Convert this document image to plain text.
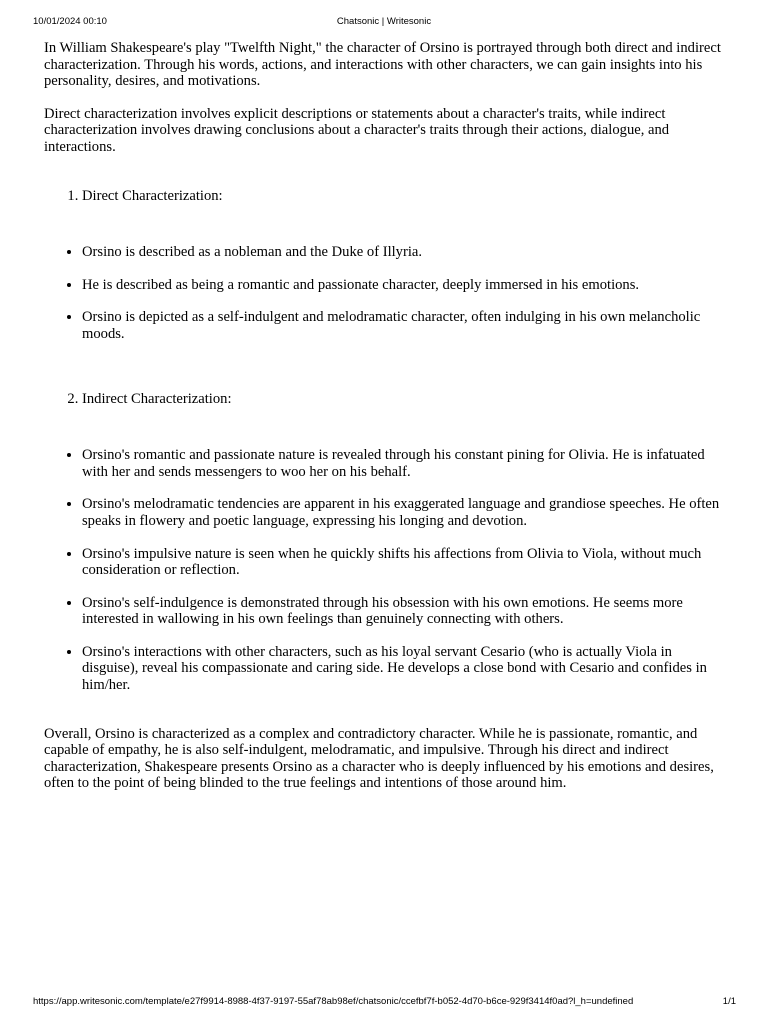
10/01/2024 00:10	Chatsonic | Writesonic

In William Shakespeare's play "Twelfth Night," the character of Orsino is portrayed through both direct and indirect characterization. Through his words, actions, and interactions with other characters, we can gain insights into his personality, desires, and motivations.

Direct characterization involves explicit descriptions or statements about a character's traits, while indirect characterization involves drawing conclusions about a character's traits through their actions, dialogue, and interactions.

1. Direct Characterization:
• Orsino is described as a nobleman and the Duke of Illyria.
• He is described as being a romantic and passionate character, deeply immersed in his emotions.
• Orsino is depicted as a self-indulgent and melodramatic character, often indulging in his own melancholic moods.
2. Indirect Characterization:
• Orsino's romantic and passionate nature is revealed through his constant pining for Olivia. He is infatuated with her and sends messengers to woo her on his behalf.
• Orsino's melodramatic tendencies are apparent in his exaggerated language and grandiose speeches. He often speaks in flowery and poetic language, expressing his longing and devotion.
• Orsino's impulsive nature is seen when he quickly shifts his affections from Olivia to Viola, without much consideration or reflection.
• Orsino's self-indulgence is demonstrated through his obsession with his own emotions. He seems more interested in wallowing in his own feelings than genuinely connecting with others.
• Orsino's interactions with other characters, such as his loyal servant Cesario (who is actually Viola in disguise), reveal his compassionate and caring side. He develops a close bond with Cesario and confides in him/her.

Overall, Orsino is characterized as a complex and contradictory character. While he is passionate, romantic, and capable of empathy, he is also self-indulgent, melodramatic, and impulsive. Through his direct and indirect characterization, Shakespeare presents Orsino as a character who is deeply influenced by his emotions and desires, often to the point of being blinded to the true feelings and intentions of those around him.

https://app.writesonic.com/template/e27f9914-8988-4f37-9197-55af78ab98ef/chatsonic/ccefbf7f-b052-4d70-b6ce-929f3414f0ad?l_h=undefined	1/1
